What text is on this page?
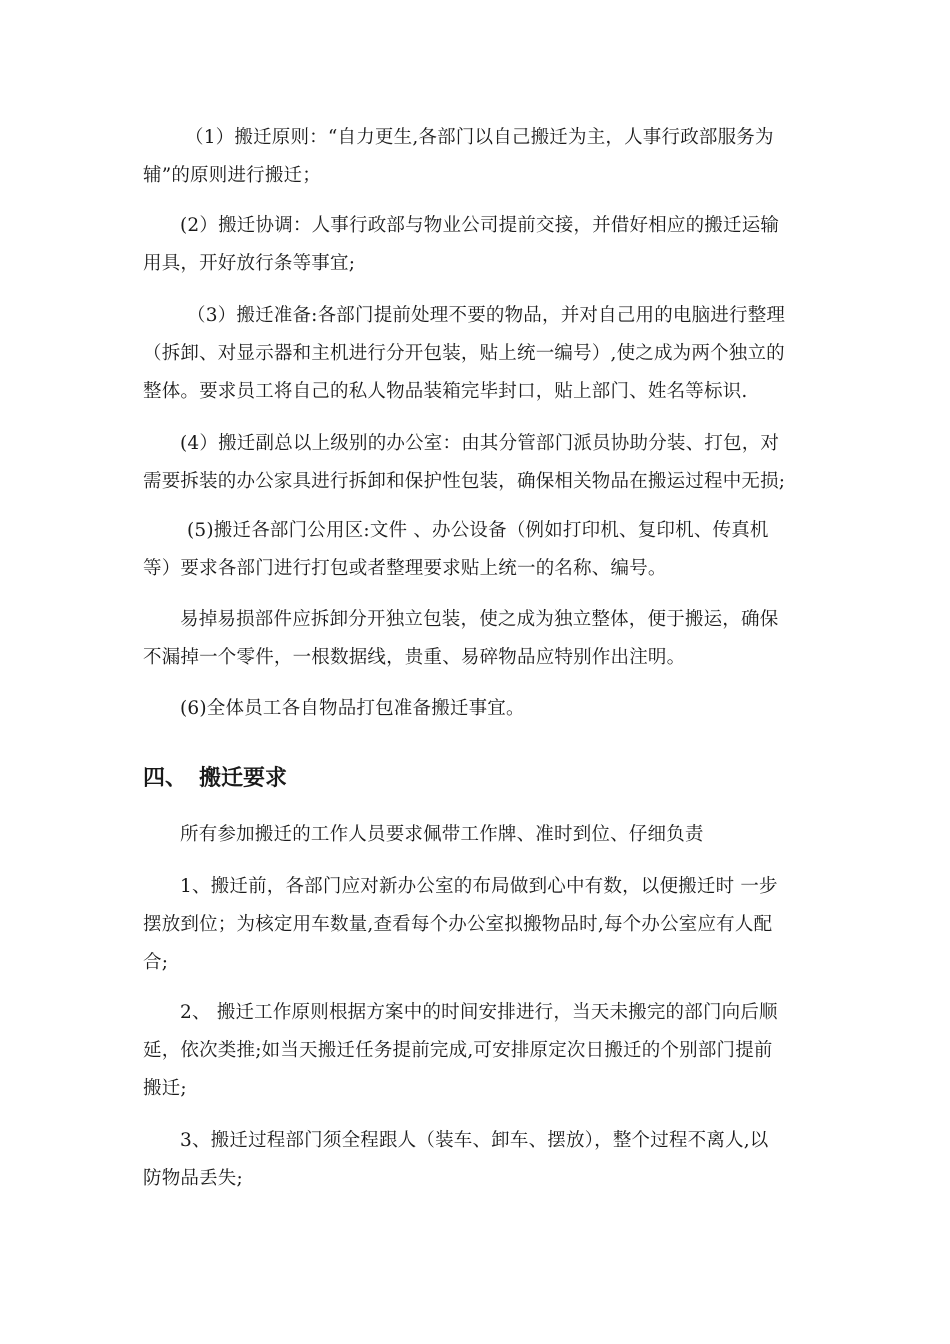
（1）搬迁原则：“自力更生,各部门以自己搬迁为主，人事行政部服务为
辅”的原则进行搬迁；
(2）搬迁协调：人事行政部与物业公司提前交接，并借好相应的搬迁运输
用具，开好放行条等事宜;
（3）搬迁准备:各部门提前处理不要的物品，并对自己用的电脑进行整理
（拆卸、对显示器和主机进行分开包装，贴上统一编号）,使之成为两个独立的
整体。要求员工将自己的私人物品装箱完毕封口，贴上部门、姓名等标识.
(4）搬迁副总以上级别的办公室：由其分管部门派员协助分装、打包，对
需要拆装的办公家具进行拆卸和保护性包装，确保相关物品在搬运过程中无损;
(5)搬迁各部门公用区:文件 、办公设备（例如打印机、复印机、传真机
等）要求各部门进行打包或者整理要求贴上统一的名称、编号。
易掉易损部件应拆卸分开独立包装，使之成为独立整体，便于搬运，确保
不漏掉一个零件，一根数据线，贵重、易碎物品应特别作出注明。
(6)全体员工各自物品打包准备搬迁事宜。
四、 搬迁要求
所有参加搬迁的工作人员要求佩带工作牌、准时到位、仔细负责
1、搬迁前，各部门应对新办公室的布局做到心中有数，以便搬迁时 一步
摆放到位；为核定用车数量,查看每个办公室拟搬物品时,每个办公室应有人配
合;
2、 搬迁工作原则根据方案中的时间安排进行，当天未搬完的部门向后顺
延，依次类推;如当天搬迁任务提前完成,可安排原定次日搬迁的个别部门提前
搬迁;
3、搬迁过程部门须全程跟人（装车、卸车、摆放），整个过程不离人,以
防物品丢失;
